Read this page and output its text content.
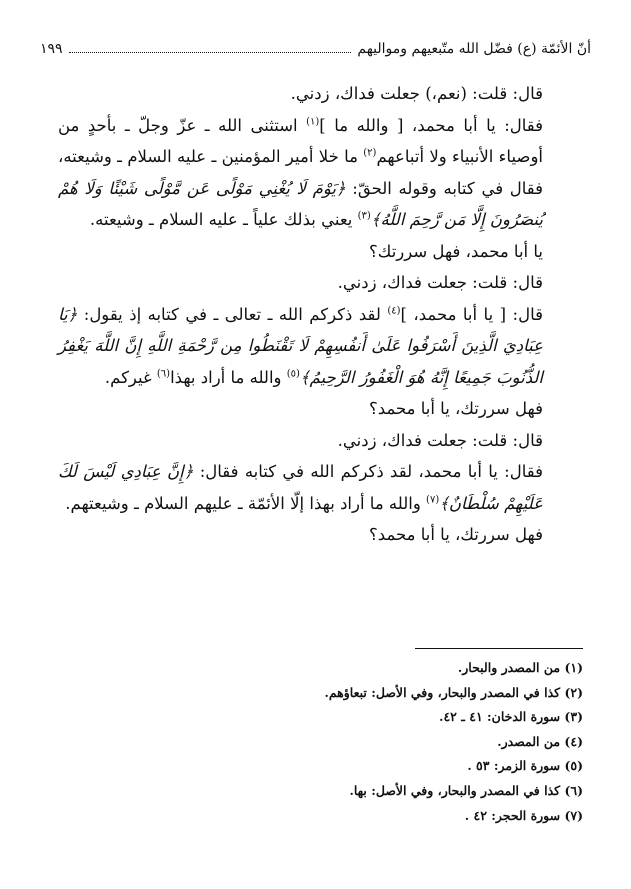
أنّ الأئمّة (ع) فضّل الله متّبعيهم ومواليهم
١٩٩

قال: قلت: (نعم،) جعلت فداك، زدني.

فقال: يا أبا محمد، [ والله ما ]$^{(١)}$ استثنى الله ـ عزّ وجلّ ـ بأحدٍ من أوصياء الأنبياء ولا أتباعهم$^{(٢)}$ ما خلا أمير المؤمنين ـ عليه السلام ـ وشيعته، فقال في كتابه وقوله الحقّ: ﴿يَوْمَ لَا يُغْنِي مَوْلًى عَن مَّوْلًى شَيْئًا وَلَا هُمْ يُنصَرُونَ إِلَّا مَن رَّحِمَ اللَّهُ﴾$^{(٣)}$ يعني بذلك علياً ـ عليه السلام ـ وشيعته.

يا أبا محمد، فهل سررتك؟

قال: قلت: جعلت فداك، زدني.

قال: [ يا أبا محمد، ]$^{(٤)}$ لقد ذكركم الله ـ تعالى ـ في كتابه إذ يقول: ﴿يَا عِبَادِيَ الَّذِينَ أَسْرَفُوا عَلَىٰ أَنفُسِهِمْ لَا تَقْنَطُوا مِن رَّحْمَةِ اللَّهِ إِنَّ اللَّهَ يَغْفِرُ الذُّنُوبَ جَمِيعًا إِنَّهُ هُوَ الْغَفُورُ الرَّحِيمُ﴾$^{(٥)}$ والله ما أراد بهذا$^{(٦)}$ غيركم.

فهل سررتك، يا أبا محمد؟

قال: قلت: جعلت فداك، زدني.

فقال: يا أبا محمد، لقد ذكركم الله في كتابه فقال: ﴿إِنَّ عِبَادِي لَيْسَ لَكَ عَلَيْهِمْ سُلْطَانٌ﴾$^{(٧)}$ والله ما أراد بهذا إلّا الأئمّة ـ عليهم السلام ـ وشيعتهم.

فهل سررتك، يا أبا محمد؟

(١) من المصدر والبحار.
(٢) كذا في المصدر والبحار، وفي الأصل: تبعاؤهم.
(٣) سورة الدخان: ٤١ ـ ٤٢.
(٤) من المصدر.
(٥) سورة الزمر: ٥٣ .
(٦) كذا في المصدر والبحار، وفي الأصل: بها.
(٧) سورة الحجر: ٤٢ .
